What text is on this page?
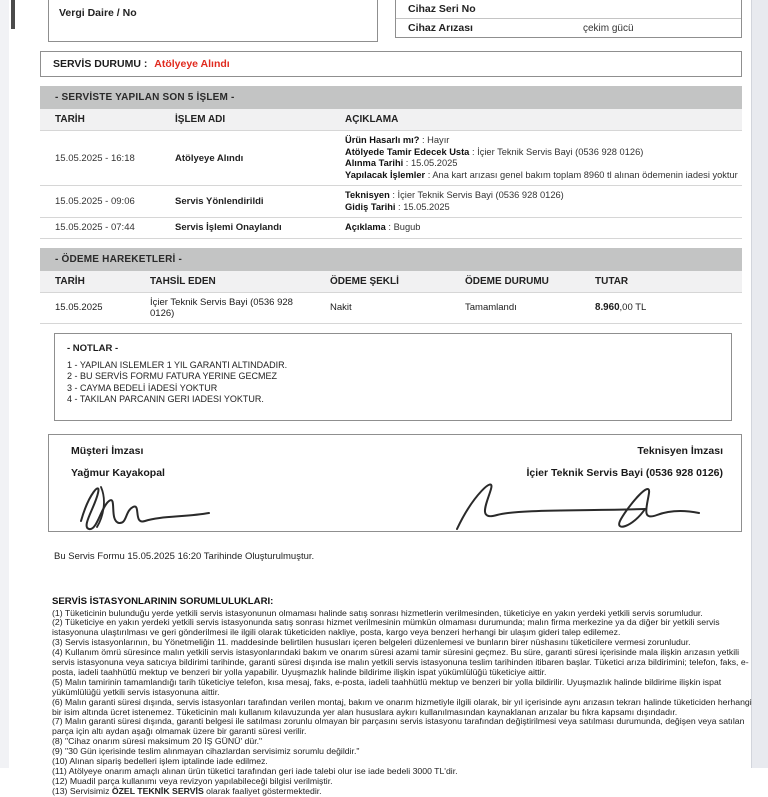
Vergi Daire / No	Cihaz Seri No
Cihaz Arızası	çekim gücü
SERVİS DURUMU : Atölyeye Alındı
- SERVİSTE YAPILAN SON 5 İŞLEM -
TARİH	İŞLEM ADI	AÇIKLAMA
15.05.2025 - 16:18	Atölyeye Alındı
Ürün Hasarlı mı? : Hayır
Atölyede Tamir Edecek Usta : İçier Teknik Servis Bayi (0536 928 0126)
Alınma Tarihi : 15.05.2025
Yapılacak İşlemler : Ana kart arızası genel bakım toplam 8960 tl alınan ödemenin iadesi yoktur
15.05.2025 - 09:06	Servis Yönlendirildi
Teknisyen : İçier Teknik Servis Bayi (0536 928 0126)
Gidiş Tarihi : 15.05.2025
15.05.2025 - 07:44	Servis İşlemi Onaylandı	Açıklama : Bugub
- ÖDEME HAREKETLERİ -
TARİH	TAHSİL EDEN	ÖDEME ŞEKLİ	ÖDEME DURUMU	TUTAR
15.05.2025	İçier Teknik Servis Bayi (0536 928 0126)	Nakit	Tamamlandı	8.960,00 TL
- NOTLAR -
1 - YAPILAN ISLEMLER 1 YIL GARANTI ALTINDADIR.
2 - BU SERVİS FORMU FATURA YERINE GECMEZ
3 - CAYMA BEDELİ İADESİ YOKTUR
4 - TAKILAN PARCANIN GERI IADESI YOKTUR.
Müşteri İmzası
Yağmur Kayakopal
Teknisyen İmzası
İçier Teknik Servis Bayi (0536 928 0126)
Bu Servis Formu 15.05.2025 16:20 Tarihinde Oluşturulmuştur.
SERVİS İSTASYONLARININ SORUMLULUKLARI:
(1) Tüketicinin bulunduğu yerde yetkili servis istasyonunun olmaması halinde satış sonrası hizmetlerin verilmesinden, tüketiciye en yakın yerdeki yetkili servis sorumludur.
(2) Tüketiciye en yakın yerdeki yetkili servis istasyonunda satış sonrası hizmet verilmesinin mümkün olmaması durumunda; malın firma merkezine ya da diğer bir yetkili servis istasyonuna ulaştırılması ve geri gönderilmesi ile ilgili olarak tüketiciden nakliye, posta, kargo veya benzeri herhangi bir ulaşım gideri talep edilemez.
(3) Servis istasyonlarının, bu Yönetmeliğin 11. maddesinde belirtilen hususları içeren belgeleri düzenlemesi ve bunların birer nüshasını tüketicilere vermesi zorunludur.
(4) Kullanım ömrü süresince malın yetkili servis istasyonlarındaki bakım ve onarım süresi azami tamir süresini geçmez. Bu süre, garanti süresi içerisinde mala ilişkin arızasın yetkili servis istasyonuna veya satıcıya bildirimi tarihinde, garanti süresi dışında ise malın yetkili servis istasyonuna teslim tarihinden itibaren başlar. Tüketici arıza bildirimini; telefon, faks, e- posta, iadeli taahhütlü mektup ve benzeri bir yolla yapabilir. Uyuşmazlık halinde bildirime ilişkin ispat yükümlülüğü tüketiciye aittir.
(5) Malın tamirinin tamamlandığı tarih tüketiciye telefon, kısa mesaj, faks, e-posta, iadeli taahhütlü mektup ve benzeri bir yolla bildirilir. Uyuşmazlık halinde bildirime ilişkin ispat yükümlülüğü yetkili servis istasyonuna aittir.
(6) Malın garanti süresi dışında, servis istasyonları tarafından verilen montaj, bakım ve onarım hizmetiyle ilgili olarak, bir yıl içerisinde aynı arızasın tekrarı halinde tüketiciden herhangi bir isim altında ücret istenemez. Tüketicinin malı kullanım kılavuzunda yer alan hususlara aykırı kullanılmasından kaynaklanan arızalar bu fıkra kapsamı dışındadır.
(7) Malın garanti süresi dışında, garanti belgesi ile satılması zorunlu olmayan bir parçasını servis istasyonu tarafından değiştirilmesi veya satılması durumunda, değişen veya satılan parça için altı aydan aşağı olmamak üzere bir garanti süresi verilir.
(8) "Cihaz onarım süresi maksimum 20 İŞ GÜNÜ' dür."
(9) "30 Gün içerisinde teslim alınmayan cihazlardan servisimiz sorumlu değildir."
(10) Alınan sipariş bedelleri işlem iptalinde iade edilmez.
(11) Atölyeye onarım amaçlı alınan ürün tüketici tarafından geri iade talebi olur ise iade bedeli 3000 TL'dir.
(12) Muadil parça kullanımı veya revizyon yapılabileceği bilgisi verilmiştir.
(13) Servisimiz ÖZEL TEKNİK SERVİS olarak faaliyet göstermektedir.
